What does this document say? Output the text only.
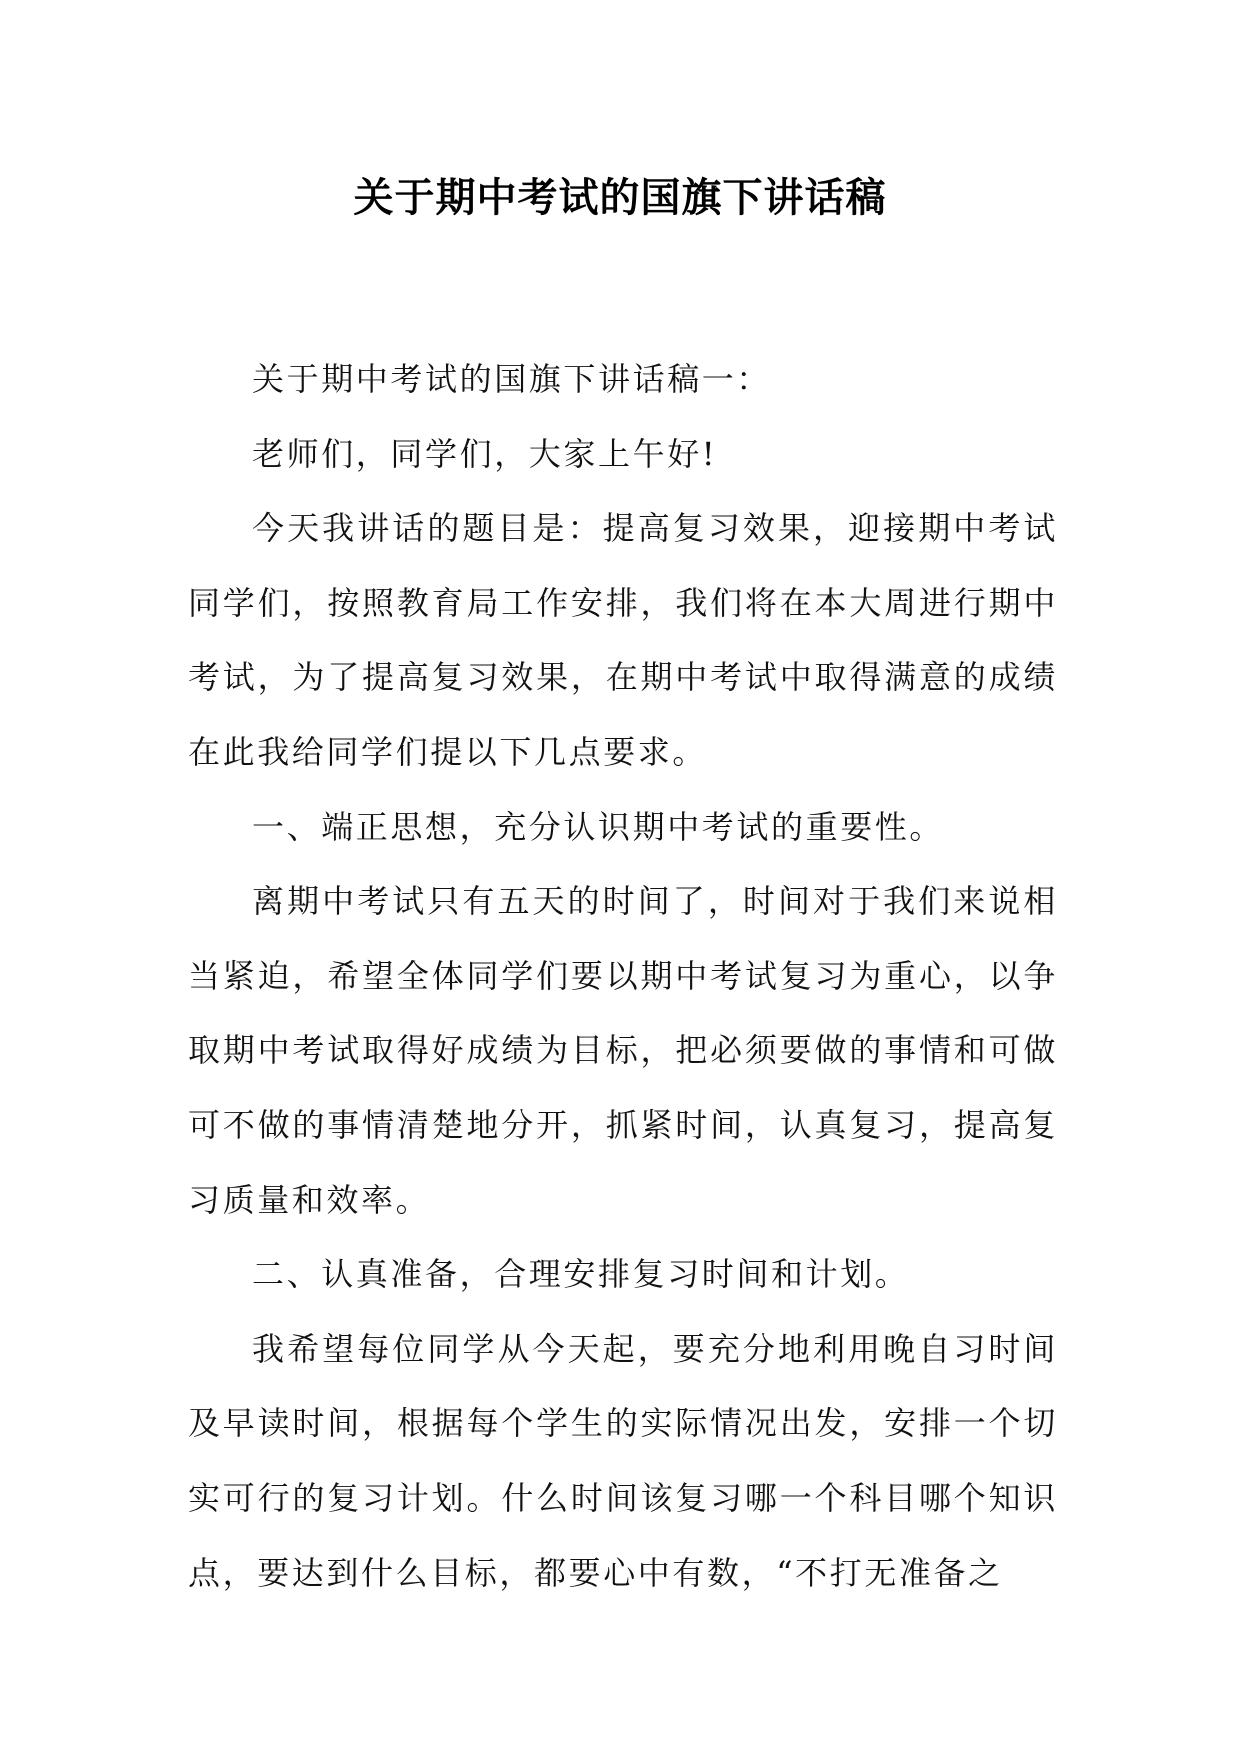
关于期中考试的国旗下讲话稿

关于期中考试的国旗下讲话稿一：

老师们，同学们，大家上午好!

今天我讲话的题目是：提高复习效果，迎接期中考试同学们，按照教育局工作安排，我们将在本大周进行期中考试，为了提高复习效果，在期中考试中取得满意的成绩在此我给同学们提以下几点要求。

一、端正思想，充分认识期中考试的重要性。

离期中考试只有五天的时间了，时间对于我们来说相当紧迫，希望全体同学们要以期中考试复习为重心，以争取期中考试取得好成绩为目标，把必须要做的事情和可做可不做的事情清楚地分开，抓紧时间，认真复习，提高复习质量和效率。

二、认真准备，合理安排复习时间和计划。

我希望每位同学从今天起，要充分地利用晚自习时间及早读时间，根据每个学生的实际情况出发，安排一个切实可行的复习计划。什么时间该复习哪一个科目哪个知识点，要达到什么目标，都要心中有数，“不打无准备之
